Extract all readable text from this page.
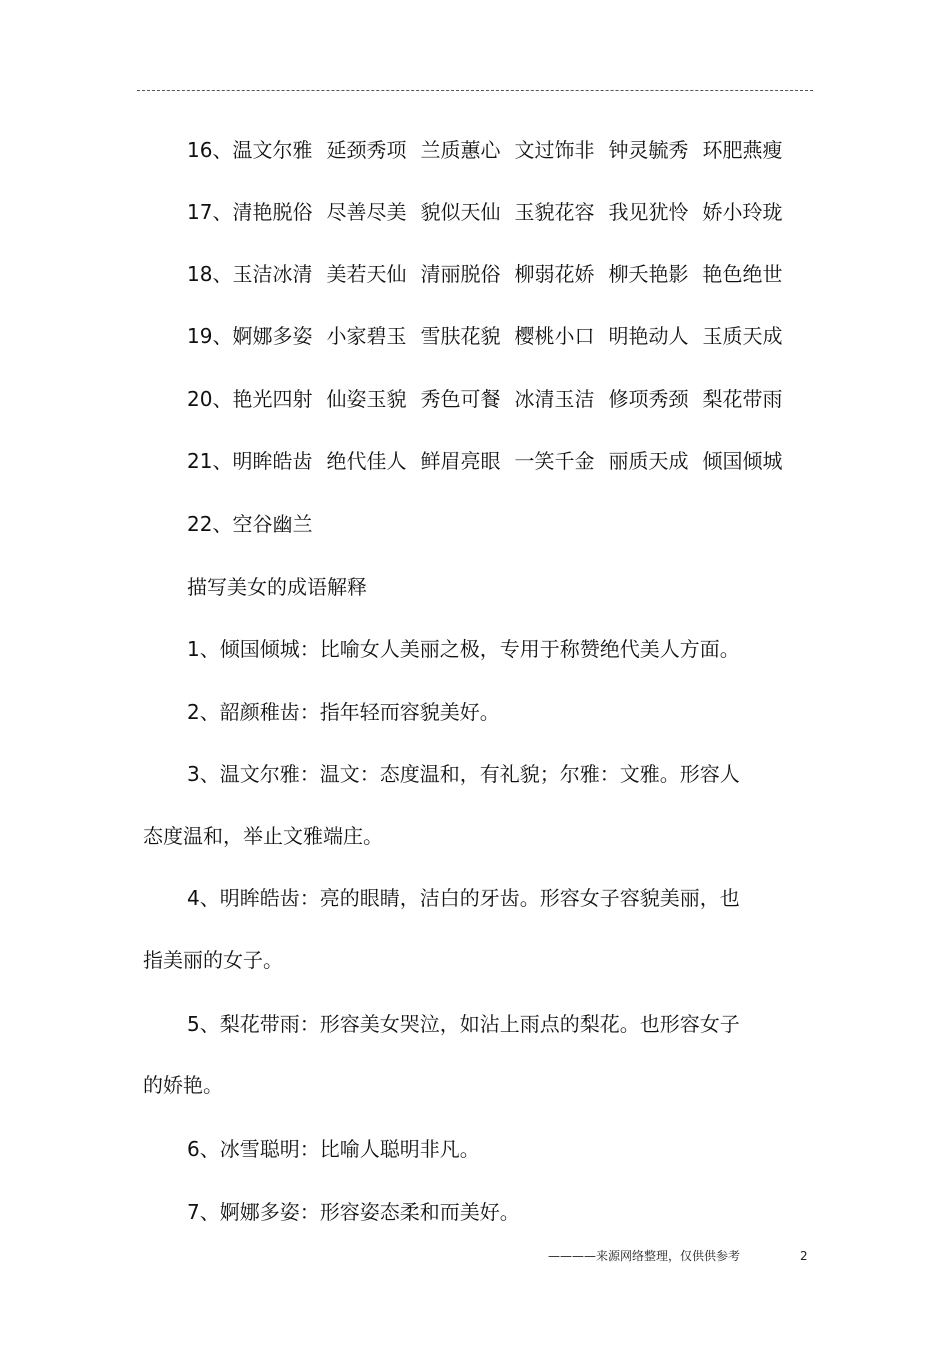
16、 温文尔雅 延颈秀项 兰质蕙心 文过饰非 钟灵毓秀 环肥燕瘦
17、 清艳脱俗 尽善尽美 貌似天仙 玉貌花容 我见犹怜 娇小玲珑
18、 玉洁冰清 美若天仙 清丽脱俗 柳弱花娇 柳夭艳影 艳色绝世
19、 婀娜多姿 小家碧玉 雪肤花貌 樱桃小口 明艳动人 玉质天成
20、 艳光四射 仙姿玉貌 秀色可餐 冰清玉洁 修项秀颈 梨花带雨
21、 明眸皓齿 绝代佳人 鲜眉亮眼 一笑千金 丽质天成 倾国倾城
22、 空谷幽兰
描写美女的成语解释
1、倾国倾城：比喻女人美丽之极，专用于称赞绝代美人方面。
2、韶颜稚齿：指年轻而容貌美好。
3、温文尔雅：温文：态度温和，有礼貌；尔雅：文雅。形容人
态度温和，举止文雅端庄。
4、明眸皓齿：亮的眼睛，洁白的牙齿。形容女子容貌美丽，也
指美丽的女子。
5、梨花带雨：形容美女哭泣，如沾上雨点的梨花。也形容女子
的娇艳。
6、冰雪聪明：比喻人聪明非凡。
7、婀娜多姿：形容姿态柔和而美好。
————来源网络整理，仅供供参考	2
